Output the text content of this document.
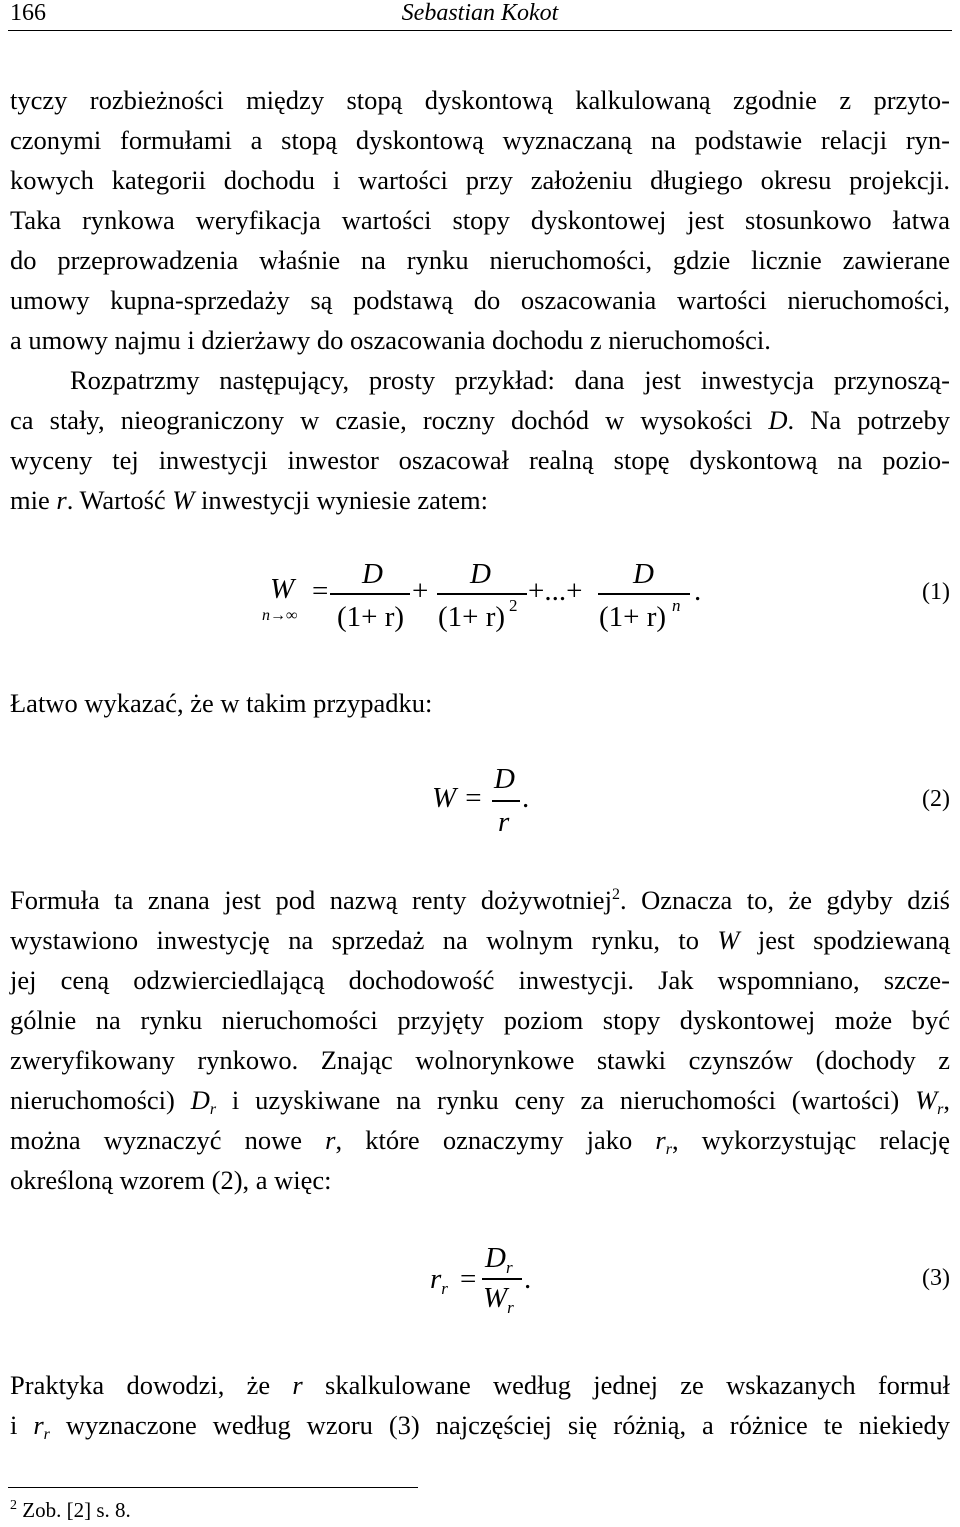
166	Sebastian Kokot
tyczy rozbieżności między stopą dyskontową kalkulowaną zgodnie z przyto-
czonymi formułami a stopą dyskontową wyznaczaną na podstawie relacji ryn-
kowych kategorii dochodu i wartości przy założeniu długiego okresu projekcji.
Taka rynkowa weryfikacja wartości stopy dyskontowej jest stosunkowo łatwa
do przeprowadzenia właśnie na rynku nieruchomości, gdzie licznie zawierane
umowy kupna-sprzedaży są podstawą do oszacowania wartości nieruchomości,
a umowy najmu i dzierżawy do oszacowania dochodu z nieruchomości.
Rozpatrzmy następujący, prosty przykład: dana jest inwestycja przynoszą-
ca stały, nieograniczony w czasie, roczny dochód w wysokości D. Na potrzeby
wyceny tej inwestycji inwestor oszacował realną stopę dyskontową na pozio-
mie r. Wartość W inwestycji wyniesie zatem:
W
n→∞
=
D
(1+ r)
+
D
(1+ r) 2 +...+
D
(1+ r) n .	(1)
Łatwo wykazać, że w takim przypadku:
W =
D
r
.	(2)
Formuła ta znana jest pod nazwą renty dożywotniej$^2$. Oznacza to, że gdyby dziś
wystawiono inwestycję na sprzedaż na wolnym rynku, to W jest spodziewaną
jej ceną odzwierciedlającą dochodowość inwestycji. Jak wspomniano, szcze-
gólnie na rynku nieruchomości przyjęty poziom stopy dyskontowej może być
zweryfikowany rynkowo. Znając wolnorynkowe stawki czynszów (dochody z
nieruchomości) $D_r$ i uzyskiwane na rynku ceny za nieruchomości (wartości) $W_r$,
można wyznaczyć nowe r, które oznaczymy jako $r_r$, wykorzystując relację
określoną wzorem (2), a więc:
$r_r$ =
$D_r$
$W_r$
.	(3)
Praktyka dowodzi, że r skalkulowane według jednej ze wskazanych formuł
i $r_r$ wyznaczone według wzoru (3) najczęściej się różnią, a różnice te niekiedy
$^2$ Zob. [2] s. 8.
